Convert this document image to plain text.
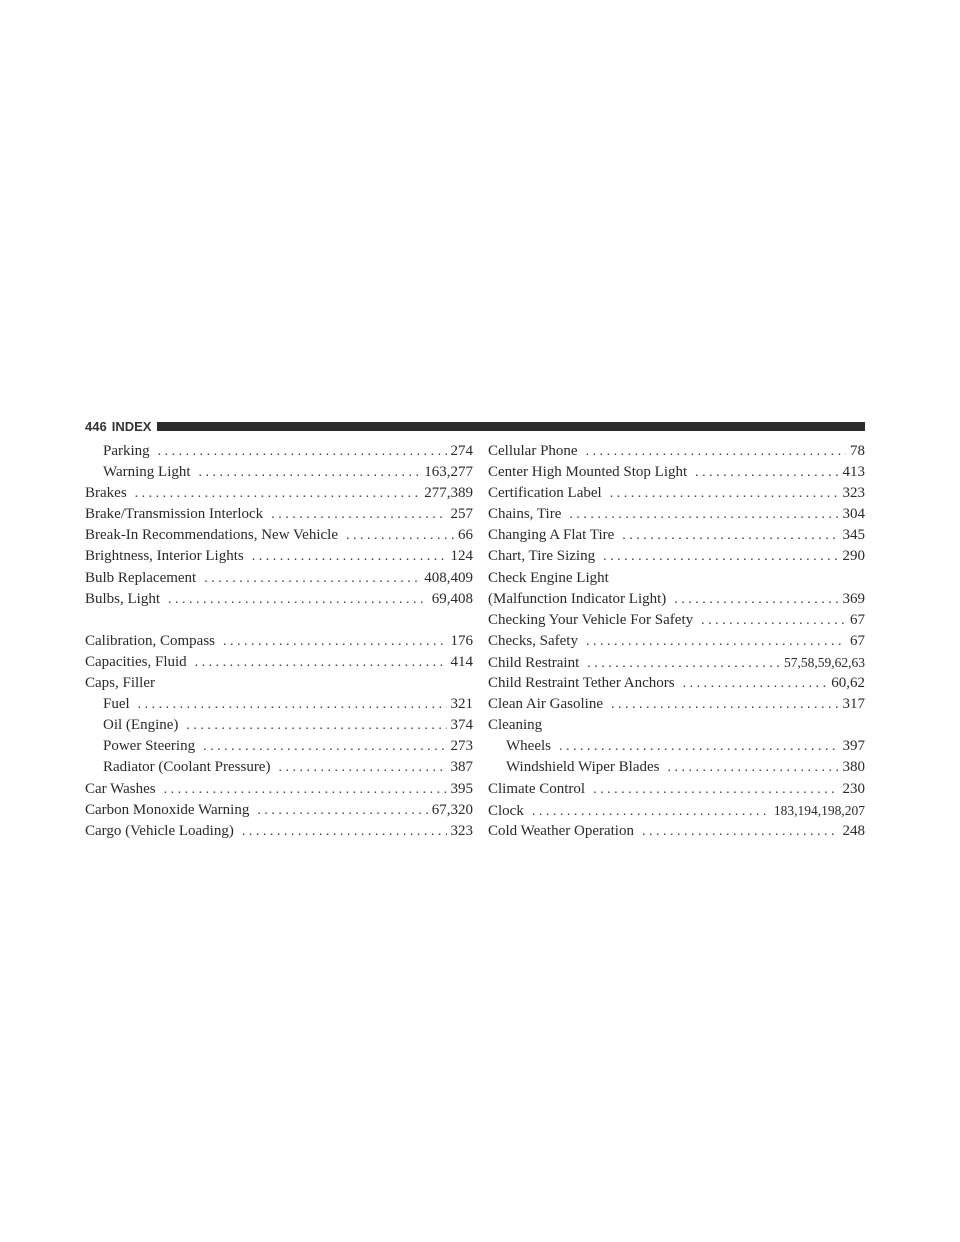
446 INDEX
Parking . . .	274
Warning Light . . .	163,277
Brakes . . .	277,389
Brake/Transmission Interlock . . .	257
Break-In Recommendations, New Vehicle . . .	66
Brightness, Interior Lights . . .	124
Bulb Replacement . . .	408,409
Bulbs, Light . . .	69,408
Calibration, Compass . . .	176
Capacities, Fluid . . .	414
Caps, Filler
Fuel . . .	321
Oil (Engine) . . .	374
Power Steering . . .	273
Radiator (Coolant Pressure) . . .	387
Car Washes . . .	395
Carbon Monoxide Warning . . .	67,320
Cargo (Vehicle Loading) . . .	323
Cellular Phone . . .	78
Center High Mounted Stop Light . . .	413
Certification Label . . .	323
Chains, Tire . . .	304
Changing A Flat Tire . . .	345
Chart, Tire Sizing . . .	290
Check Engine Light
(Malfunction Indicator Light) . . .	369
Checking Your Vehicle For Safety . . .	67
Checks, Safety . . .	67
Child Restraint . . .	57,58,59,62,63
Child Restraint Tether Anchors . . .	60,62
Clean Air Gasoline . . .	317
Cleaning
Wheels . . .	397
Windshield Wiper Blades . . .	380
Climate Control . . .	230
Clock . . .	183,194,198,207
Cold Weather Operation . . .	248
